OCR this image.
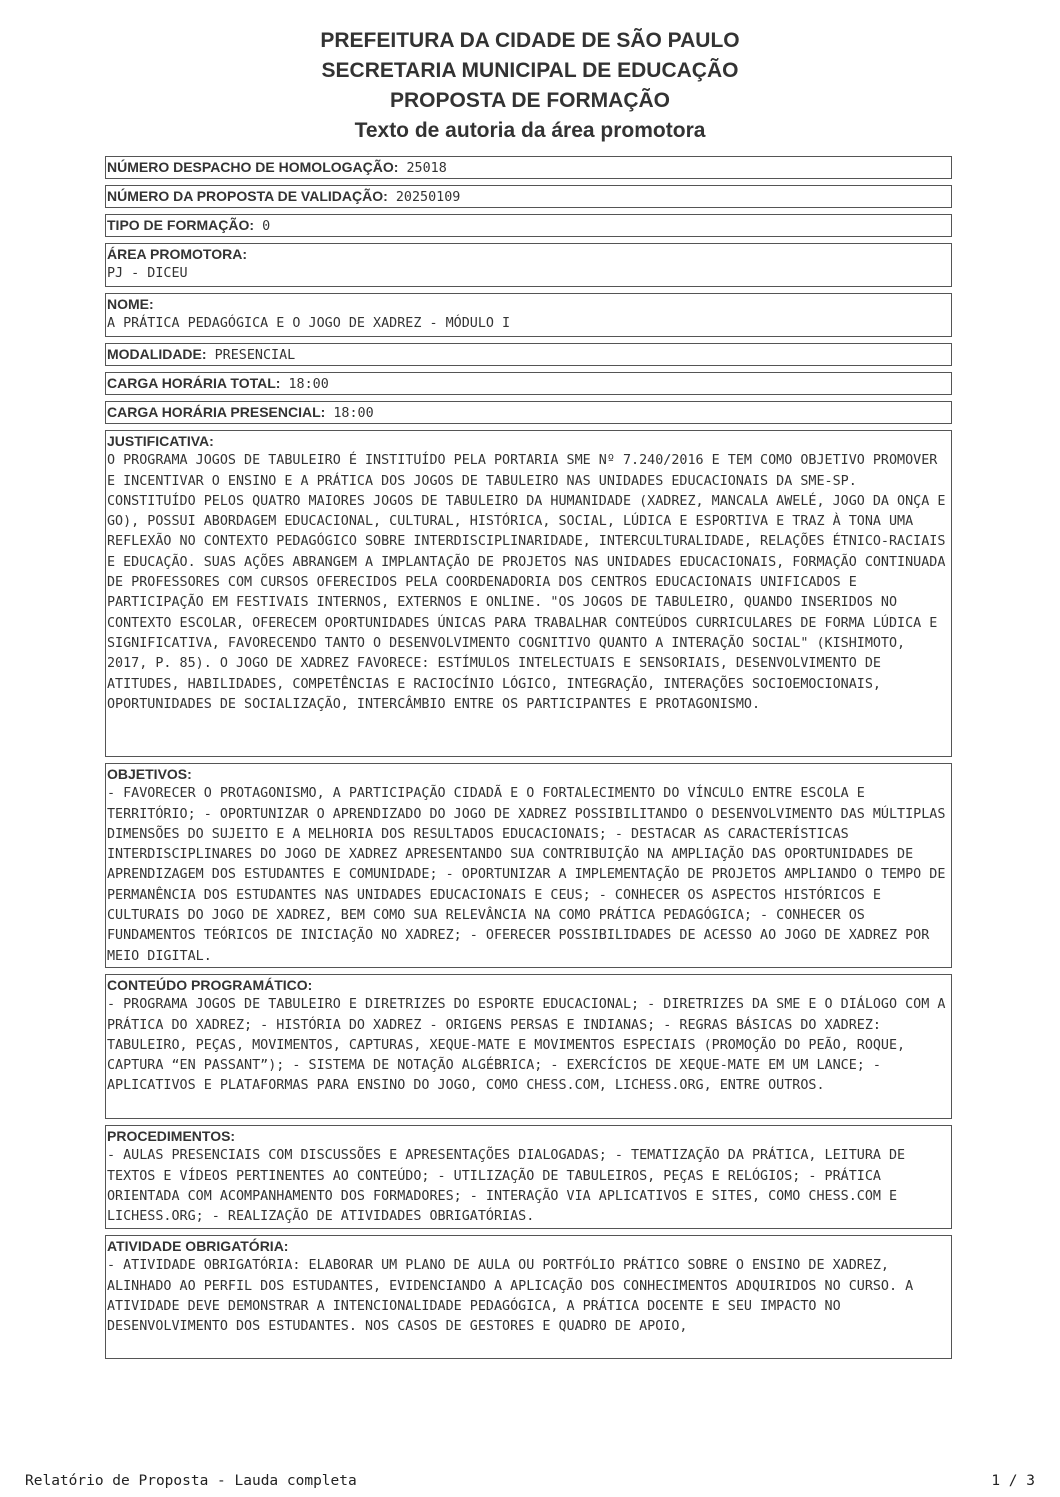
PREFEITURA DA CIDADE DE SÃO PAULO
SECRETARIA MUNICIPAL DE EDUCAÇÃO
PROPOSTA DE FORMAÇÃO
Texto de autoria da área promotora
NÚMERO DESPACHO DE HOMOLOGAÇÃO: 25018
NÚMERO DA PROPOSTA DE VALIDAÇÃO: 20250109
TIPO DE FORMAÇÃO: 0
ÁREA PROMOTORA:
PJ - DICEU
NOME:
A PRÁTICA PEDAGÓGICA E O JOGO DE XADREZ - MÓDULO I
MODALIDADE: PRESENCIAL
CARGA HORÁRIA TOTAL: 18:00
CARGA HORÁRIA PRESENCIAL: 18:00
JUSTIFICATIVA:
O PROGRAMA JOGOS DE TABULEIRO É INSTITUÍDO PELA PORTARIA SME Nº 7.240/2016 E TEM COMO OBJETIVO PROMOVER E INCENTIVAR O ENSINO E A PRÁTICA DOS JOGOS DE TABULEIRO NAS UNIDADES EDUCACIONAIS DA SME-SP. CONSTITUÍDO PELOS QUATRO MAIORES JOGOS DE TABULEIRO DA HUMANIDADE (XADREZ, MANCALA AWELÉ, JOGO DA ONÇA E GO), POSSUI ABORDAGEM EDUCACIONAL, CULTURAL, HISTÓRICA, SOCIAL, LÚDICA E ESPORTIVA E TRAZ À TONA UMA REFLEXÃO NO CONTEXTO PEDAGÓGICO SOBRE INTERDISCIPLINARIDADE, INTERCULTURALIDADE, RELAÇÕES ÉTNICO-RACIAIS E EDUCAÇÃO. SUAS AÇÕES ABRANGEM A IMPLANTAÇÃO DE PROJETOS NAS UNIDADES EDUCACIONAIS, FORMAÇÃO CONTINUADA DE PROFESSORES COM CURSOS OFERECIDOS PELA COORDENADORIA DOS CENTROS EDUCACIONAIS UNIFICADOS E PARTICIPAÇÃO EM FESTIVAIS INTERNOS, EXTERNOS E ONLINE. "OS JOGOS DE TABULEIRO, QUANDO INSERIDOS NO CONTEXTO ESCOLAR, OFERECEM OPORTUNIDADES ÚNICAS PARA TRABALHAR CONTEÚDOS CURRICULARES DE FORMA LÚDICA E SIGNIFICATIVA, FAVORECENDO TANTO O DESENVOLVIMENTO COGNITIVO QUANTO A INTERAÇÃO SOCIAL" (KISHIMOTO, 2017, P. 85). O JOGO DE XADREZ FAVORECE: ESTÍMULOS INTELECTUAIS E SENSORIAIS, DESENVOLVIMENTO DE ATITUDES, HABILIDADES, COMPETÊNCIAS E RACIOCÍNIO LÓGICO, INTEGRAÇÃO, INTERAÇÕES SOCIOEMOCIONAIS, OPORTUNIDADES DE SOCIALIZAÇÃO, INTERCÂMBIO ENTRE OS PARTICIPANTES E PROTAGONISMO.
OBJETIVOS:
- FAVORECER O PROTAGONISMO, A PARTICIPAÇÃO CIDADÃ E O FORTALECIMENTO DO VÍNCULO ENTRE ESCOLA E TERRITÓRIO; - OPORTUNIZAR O APRENDIZADO DO JOGO DE XADREZ POSSIBILITANDO O DESENVOLVIMENTO DAS MÚLTIPLAS DIMENSÕES DO SUJEITO E A MELHORIA DOS RESULTADOS EDUCACIONAIS; - DESTACAR AS CARACTERÍSTICAS INTERDISCIPLINARES DO JOGO DE XADREZ APRESENTANDO SUA CONTRIBUIÇÃO NA AMPLIAÇÃO DAS OPORTUNIDADES DE APRENDIZAGEM DOS ESTUDANTES E COMUNIDADE; - OPORTUNIZAR A IMPLEMENTAÇÃO DE PROJETOS AMPLIANDO O TEMPO DE PERMANÊNCIA DOS ESTUDANTES NAS UNIDADES EDUCACIONAIS E CEUS; - CONHECER OS ASPECTOS HISTÓRICOS E CULTURAIS DO JOGO DE XADREZ, BEM COMO SUA RELEVÂNCIA NA COMO PRÁTICA PEDAGÓGICA; - CONHECER OS FUNDAMENTOS TEÓRICOS DE INICIAÇÃO NO XADREZ; - OFERECER POSSIBILIDADES DE ACESSO AO JOGO DE XADREZ POR MEIO DIGITAL.
CONTEÚDO PROGRAMÁTICO:
- PROGRAMA JOGOS DE TABULEIRO E DIRETRIZES DO ESPORTE EDUCACIONAL; - DIRETRIZES DA SME E O DIÁLOGO COM A PRÁTICA DO XADREZ; - HISTÓRIA DO XADREZ - ORIGENS PERSAS E INDIANAS; - REGRAS BÁSICAS DO XADREZ: TABULEIRO, PEÇAS, MOVIMENTOS, CAPTURAS, XEQUE-MATE E MOVIMENTOS ESPECIAIS (PROMOÇÃO DO PEÃO, ROQUE, CAPTURA “EN PASSANT”); - SISTEMA DE NOTAÇÃO ALGÉBRICA; - EXERCÍCIOS DE XEQUE-MATE EM UM LANCE; - APLICATIVOS E PLATAFORMAS PARA ENSINO DO JOGO, COMO CHESS.COM, LICHESS.ORG, ENTRE OUTROS.
PROCEDIMENTOS:
- AULAS PRESENCIAIS COM DISCUSSÕES E APRESENTAÇÕES DIALOGADAS; - TEMATIZAÇÃO DA PRÁTICA, LEITURA DE TEXTOS E VÍDEOS PERTINENTES AO CONTEÚDO; - UTILIZAÇÃO DE TABULEIROS, PEÇAS E RELÓGIOS; - PRÁTICA ORIENTADA COM ACOMPANHAMENTO DOS FORMADORES; - INTERAÇÃO VIA APLICATIVOS E SITES, COMO CHESS.COM E LICHESS.ORG; - REALIZAÇÃO DE ATIVIDADES OBRIGATÓRIAS.
ATIVIDADE OBRIGATÓRIA:
- ATIVIDADE OBRIGATÓRIA: ELABORAR UM PLANO DE AULA OU PORTFÓLIO PRÁTICO SOBRE O ENSINO DE XADREZ, ALINHADO AO PERFIL DOS ESTUDANTES, EVIDENCIANDO A APLICAÇÃO DOS CONHECIMENTOS ADQUIRIDOS NO CURSO. A ATIVIDADE DEVE DEMONSTRAR A INTENCIONALIDADE PEDAGÓGICA, A PRÁTICA DOCENTE E SEU IMPACTO NO DESENVOLVIMENTO DOS ESTUDANTES. NOS CASOS DE GESTORES E QUADRO DE APOIO,
Relatório de Proposta - Lauda completa	1 / 3
